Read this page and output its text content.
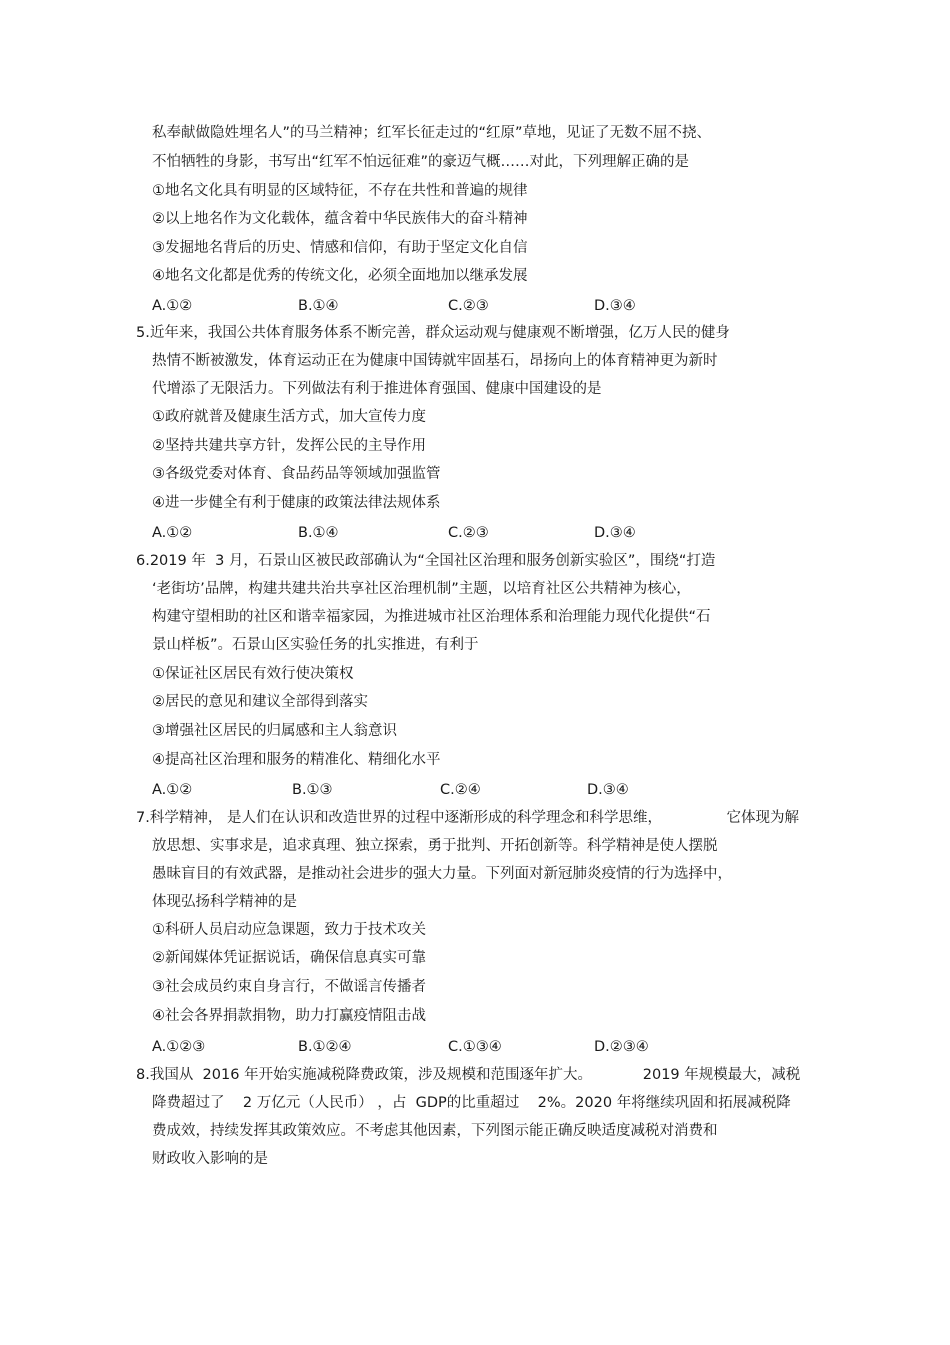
私奉献做隐姓埋名人”的马兰精神；红军长征走过的“红原”草地，见证了无数不屈不挠、
不怕牺牲的身影，书写出“红军不怕远征难”的豪迈气概……对此，下列理解正确的是
①地名文化具有明显的区域特征，不存在共性和普遍的规律
②以上地名作为文化载体，蕴含着中华民族伟大的奋斗精神
③发掘地名背后的历史、情感和信仰，有助于坚定文化自信
④地名文化都是优秀的传统文化，必须全面地加以继承发展
A.①②	B.①④	C.②③	D.③④
5.近年来，我国公共体育服务体系不断完善，群众运动观与健康观不断增强，亿万人民的健身
热情不断被激发，体育运动正在为健康中国铸就牢固基石，昂扬向上的体育精神更为新时
代增添了无限活力。下列做法有利于推进体育强国、健康中国建设的是
①政府就普及健康生活方式，加大宣传力度
②坚持共建共享方针，发挥公民的主导作用
③各级党委对体育、食品药品等领域加强监管
④进一步健全有利于健康的政策法律法规体系
A.①②	B.①④	C.②③	D.③④
6.2019 年  3 月，石景山区被民政部确认为“全国社区治理和服务创新实验区”，围绕“打造
‘老街坊’品牌，构建共建共治共享社区治理机制”主题，以培育社区公共精神为核心，
构建守望相助的社区和谐幸福家园，为推进城市社区治理体系和治理能力现代化提供“石
景山样板”。石景山区实验任务的扎实推进，有利于
①保证社区居民有效行使决策权
②居民的意见和建议全部得到落实
③增强社区居民的归属感和主人翁意识
④提高社区治理和服务的精准化、精细化水平
A.①②	B.①③	C.②④	D.③④
7.科学精神， 是人们在认识和改造世界的过程中逐渐形成的科学理念和科学思维，              它体现为解
放思想、实事求是，追求真理、独立探索，勇于批判、开拓创新等。科学精神是使人摆脱
愚昧盲目的有效武器，是推动社会进步的强大力量。下列面对新冠肺炎疫情的行为选择中，
体现弘扬科学精神的是
①科研人员启动应急课题，致力于技术攻关
②新闻媒体凭证据说话，确保信息真实可靠
③社会成员约束自身言行，不做谣言传播者
④社会各界捐款捐物，助力打赢疫情阻击战
A.①②③	B.①②④	C.①③④	D.②③④
8.我国从  2016 年开始实施减税降费政策，涉及规模和范围逐年扩大。           2019 年规模最大，减税
降费超过了    2 万亿元（人民币） ，占  GDP的比重超过    2%。2020 年将继续巩固和拓展减税降
费成效，持续发挥其政策效应。不考虑其他因素，下列图示能正确反映适度减税对消费和
财政收入影响的是
